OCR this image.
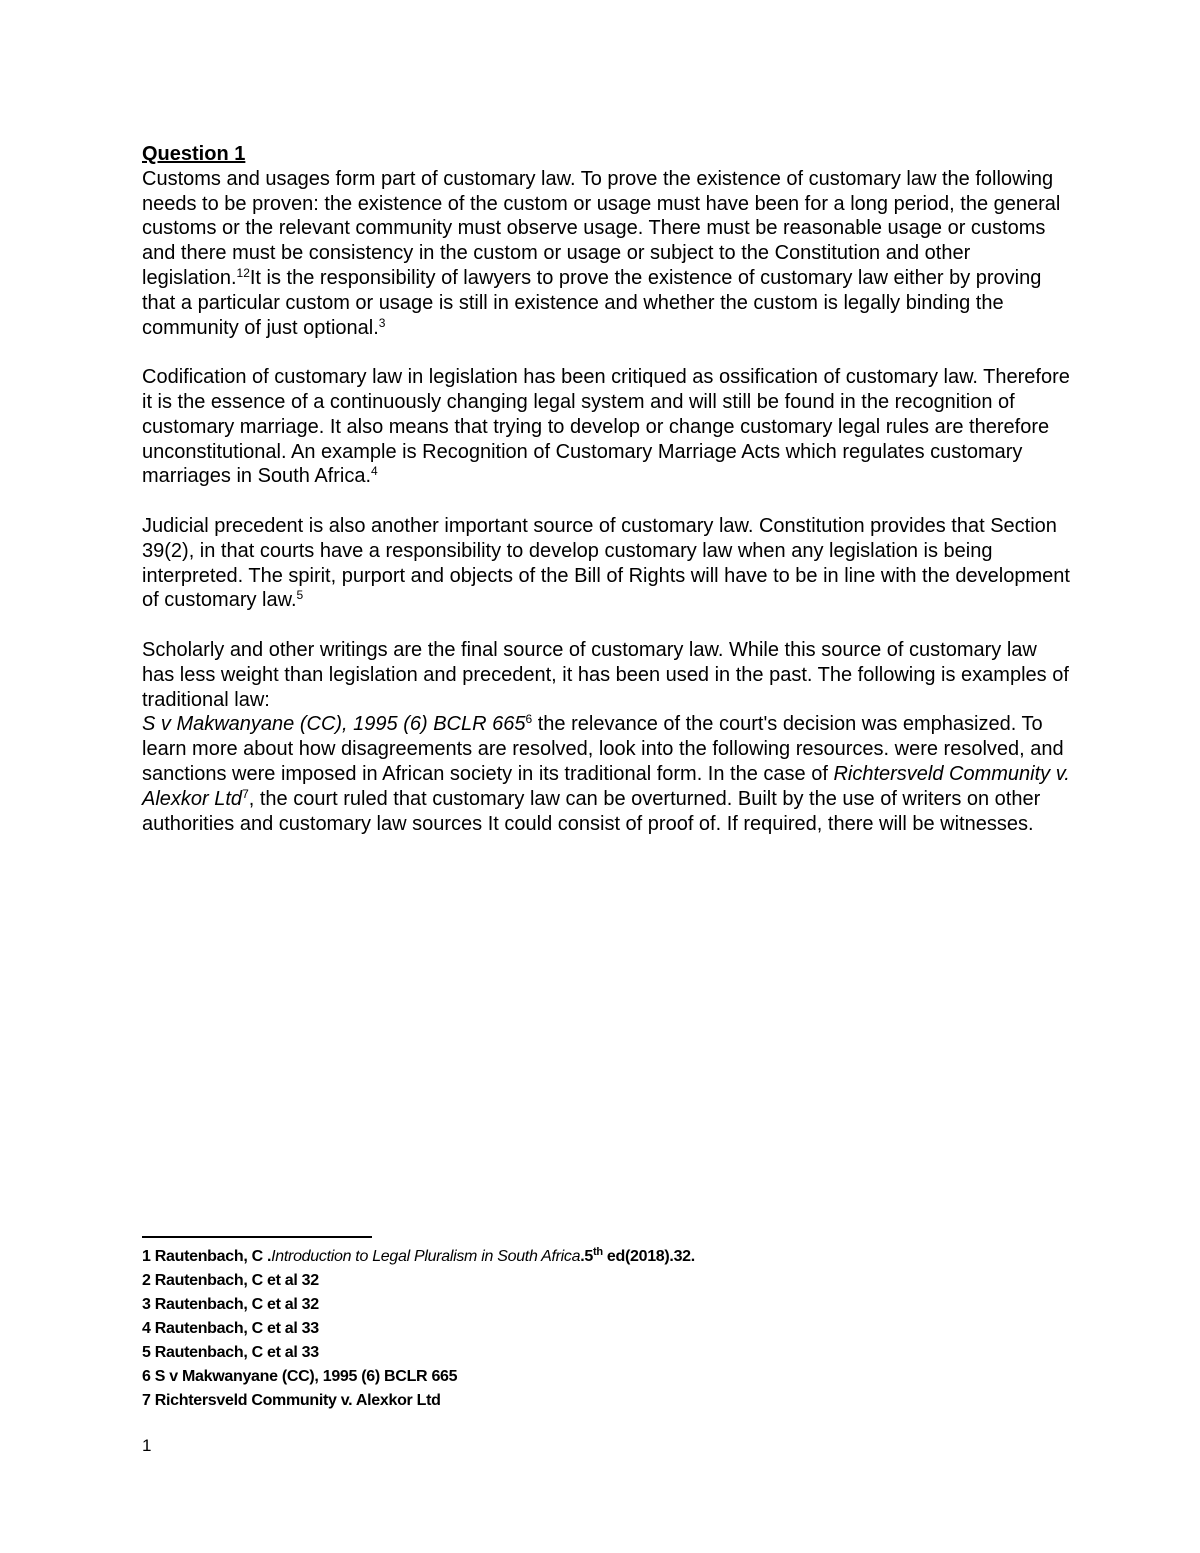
Question 1

Customs and usages form part of customary law. To prove the existence of customary law the following needs to be proven: the existence of the custom or usage must have been for a long period, the general customs or the relevant community must observe usage. There must be reasonable usage or customs and there must be consistency in the custom or usage or subject to the Constitution and other legislation.$^{12}$It is the responsibility of lawyers to prove the existence of customary law either by proving that a particular custom or usage is still in existence and whether the custom is legally binding the community of just optional.$^3$

Codification of customary law in legislation has been critiqued as ossification of customary law. Therefore it is the essence of a continuously changing legal system and will still be found in the recognition of customary marriage. It also means that trying to develop or change customary legal rules are therefore unconstitutional. An example is Recognition of Customary Marriage Acts which regulates customary marriages in South Africa.$^4$

Judicial precedent is also another important source of customary law. Constitution provides that Section 39(2), in that courts have a responsibility to develop customary law when any legislation is being interpreted. The spirit, purport and objects of the Bill of Rights will have to be in line with the development of customary law.$^5$

Scholarly and other writings are the final source of customary law. While this source of customary law has less weight than legislation and precedent, it has been used in the past. The following is examples of traditional law:
S v Makwanyane (CC), 1995 (6) BCLR $665^6$ the relevance of the court's decision was emphasized. To learn more about how disagreements are resolved, look into the following resources. were resolved, and sanctions were imposed in African society in its traditional form. In the case of Richtersveld Community v. Alexkor Ltd$^7$, the court ruled that customary law can be overturned. Built by the use of writers on other authorities and customary law sources It could consist of proof of. If required, there will be witnesses.

1 Rautenbach, C .Introduction to Legal Pluralism in South Africa.5th ed(2018).32.

2 Rautenbach, C et al 32

3 Rautenbach, C et al 32

4 Rautenbach, C et al 33

5 Rautenbach, C et al 33

6 S v Makwanyane (CC), 1995 (6) BCLR 665

7 Richtersveld Community v. Alexkor Ltd

1
